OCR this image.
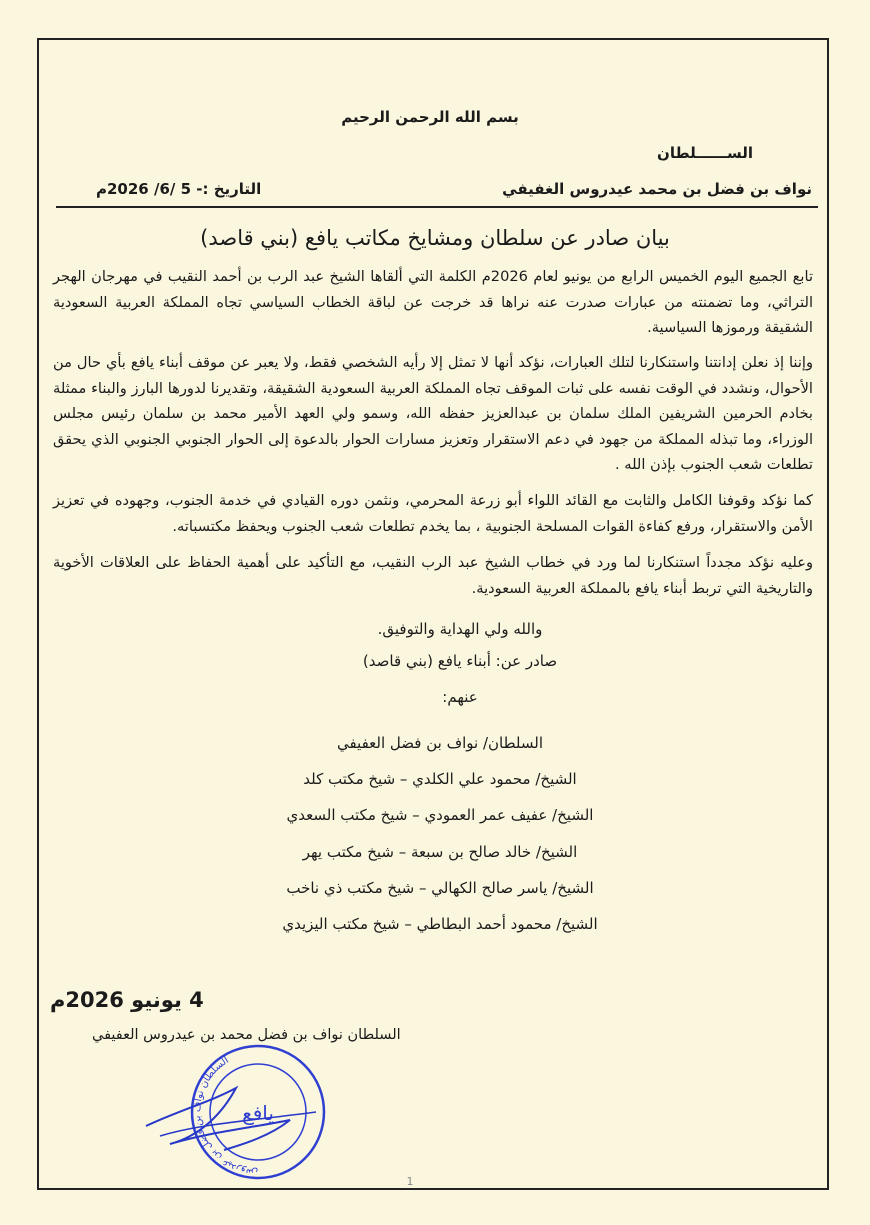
بسم الله الرحمن الرحيم
الســــــلطان
نواف بن فضل بن محمد عيدروس الغفيفي
التاريخ :- 5 /6/ 2026م
بيان صادر عن سلطان ومشايخ مكاتب يافع (بني قاصد)
تابع الجميع اليوم الخميس الرابع من يونيو لعام 2026م الكلمة التي ألقاها الشيخ عبد الرب بن أحمد النقيب في مهرجان الهجر التراثي، وما تضمنته من عبارات صدرت عنه نراها قد خرجت عن لباقة الخطاب السياسي تجاه المملكة العربية السعودية الشقيقة ورموزها السياسية.
وإننا إذ نعلن إدانتنا واستنكارنا لتلك العبارات، نؤكد أنها لا تمثل إلا رأيه الشخصي فقط، ولا يعبر عن موقف أبناء يافع بأي حال من الأحوال، ونشدد في الوقت نفسه على ثبات الموقف تجاه المملكة العربية السعودية الشقيقة، وتقديرنا لدورها البارز والبناء ممثلة بخادم الحرمين الشريفين الملك سلمان بن عبدالعزيز حفظه الله، وسمو ولي العهد الأمير محمد بن سلمان رئيس مجلس الوزراء، وما تبذله المملكة من جهود في دعم الاستقرار وتعزيز مسارات الحوار بالدعوة إلى الحوار الجنوبي الجنوبي الذي يحقق تطلعات شعب الجنوب بإذن الله .
كما نؤكد وقوفنا الكامل والثابت مع القائد اللواء أبو زرعة المحرمي، ونثمن دوره القيادي في خدمة الجنوب، وجهوده في تعزيز الأمن والاستقرار، ورفع كفاءة القوات المسلحة الجنوبية ، بما يخدم تطلعات شعب الجنوب ويحفظ مكتسباته.
وعليه نؤكد مجدداً استنكارنا لما ورد في خطاب الشيخ عبد الرب النقيب، مع التأكيد على أهمية الحفاظ على العلاقات الأخوية والتاريخية التي تربط أبناء يافع بالمملكة العربية السعودية.
والله ولي الهداية والتوفيق.
صادر عن: أبناء يافع (بني قاصد)
عنهم:
السلطان/ نواف بن فضل العفيفي
الشيخ/ محمود علي الكلدي – شيخ مكتب كلد
الشيخ/ عفيف عمر العمودي – شيخ مكتب السعدي
الشيخ/ خالد صالح بن سبعة – شيخ مكتب يهر
الشيخ/ ياسر صالح الكهالي – شيخ مكتب ذي ناخب
الشيخ/ محمود أحمد البطاطي – شيخ مكتب اليزيدي
4 يونيو 2026م
السلطان نواف بن فضل محمد بن عيدروس العفيفي
السلطان نواف بن فضل بن عيدروس
يافع
1
